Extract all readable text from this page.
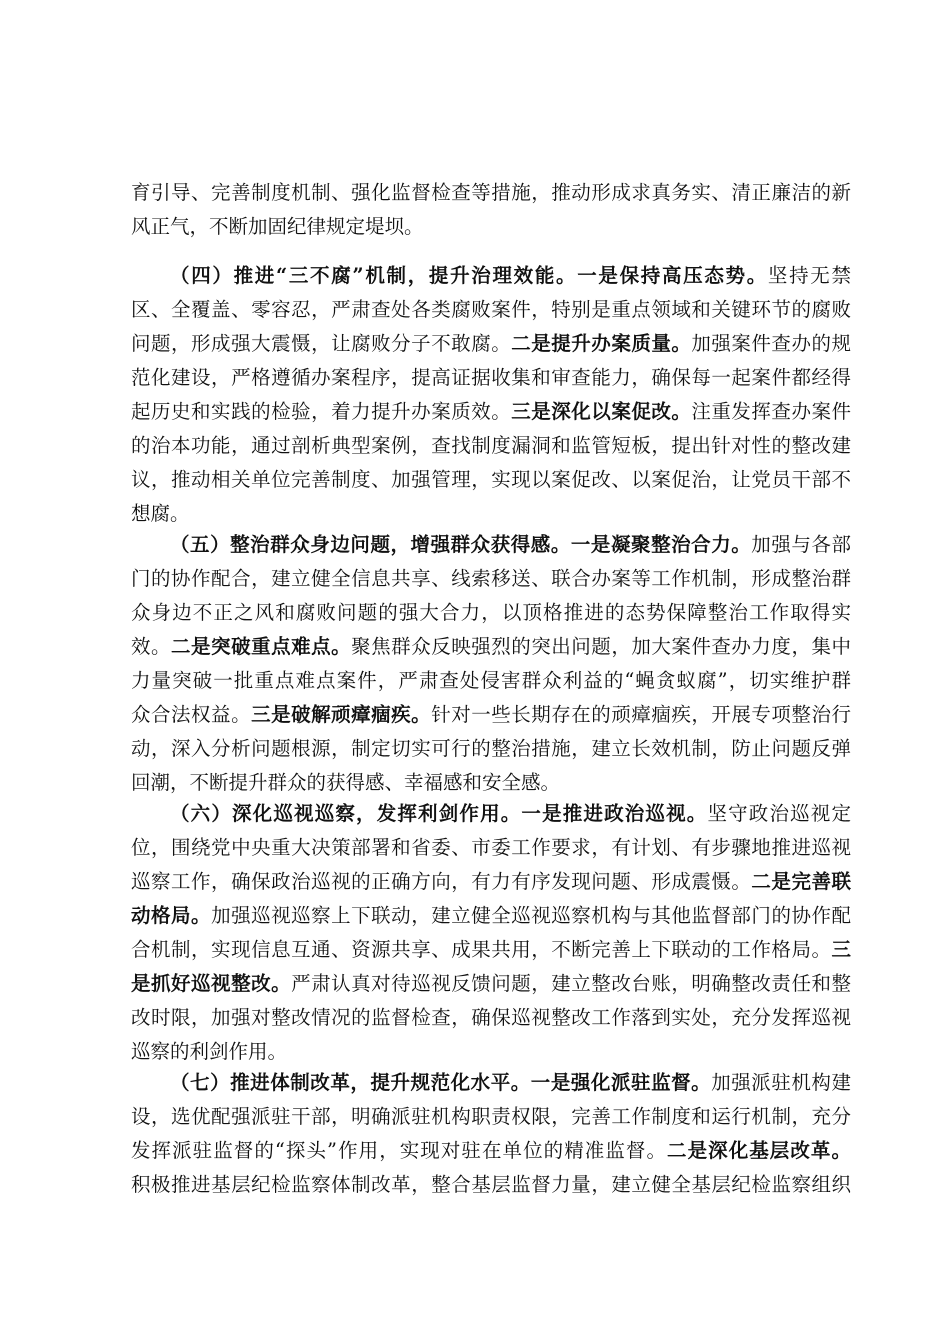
育引导、完善制度机制、强化监督检查等措施，推动形成求真务实、清正廉洁的新
风正气，不断加固纪律规定堤坝。
（四）推进“三不腐”机制，提升治理效能。一是保持高压态势。坚持无禁
区、全覆盖、零容忍，严肃查处各类腐败案件，特别是重点领域和关键环节的腐败
问题，形成强大震慑，让腐败分子不敢腐。二是提升办案质量。加强案件查办的规
范化建设，严格遵循办案程序，提高证据收集和审查能力，确保每一起案件都经得
起历史和实践的检验，着力提升办案质效。三是深化以案促改。注重发挥查办案件
的治本功能，通过剖析典型案例，查找制度漏洞和监管短板，提出针对性的整改建
议，推动相关单位完善制度、加强管理，实现以案促改、以案促治，让党员干部不
想腐。
（五）整治群众身边问题，增强群众获得感。一是凝聚整治合力。加强与各部
门的协作配合，建立健全信息共享、线索移送、联合办案等工作机制，形成整治群
众身边不正之风和腐败问题的强大合力，以顶格推进的态势保障整治工作取得实
效。二是突破重点难点。聚焦群众反映强烈的突出问题，加大案件查办力度，集中
力量突破一批重点难点案件，严肃查处侵害群众利益的“蝇贪蚁腐”，切实维护群
众合法权益。三是破解顽瘴痼疾。针对一些长期存在的顽瘴痼疾，开展专项整治行
动，深入分析问题根源，制定切实可行的整治措施，建立长效机制，防止问题反弹
回潮，不断提升群众的获得感、幸福感和安全感。
（六）深化巡视巡察，发挥利剑作用。一是推进政治巡视。坚守政治巡视定
位，围绕党中央重大决策部署和省委、市委工作要求，有计划、有步骤地推进巡视
巡察工作，确保政治巡视的正确方向，有力有序发现问题、形成震慑。二是完善联
动格局。加强巡视巡察上下联动，建立健全巡视巡察机构与其他监督部门的协作配
合机制，实现信息互通、资源共享、成果共用，不断完善上下联动的工作格局。三
是抓好巡视整改。严肃认真对待巡视反馈问题，建立整改台账，明确整改责任和整
改时限，加强对整改情况的监督检查，确保巡视整改工作落到实处，充分发挥巡视
巡察的利剑作用。
（七）推进体制改革，提升规范化水平。一是强化派驻监督。加强派驻机构建
设，选优配强派驻干部，明确派驻机构职责权限，完善工作制度和运行机制，充分
发挥派驻监督的“探头”作用，实现对驻在单位的精准监督。二是深化基层改革。
积极推进基层纪检监察体制改革，整合基层监督力量，建立健全基层纪检监察组织
